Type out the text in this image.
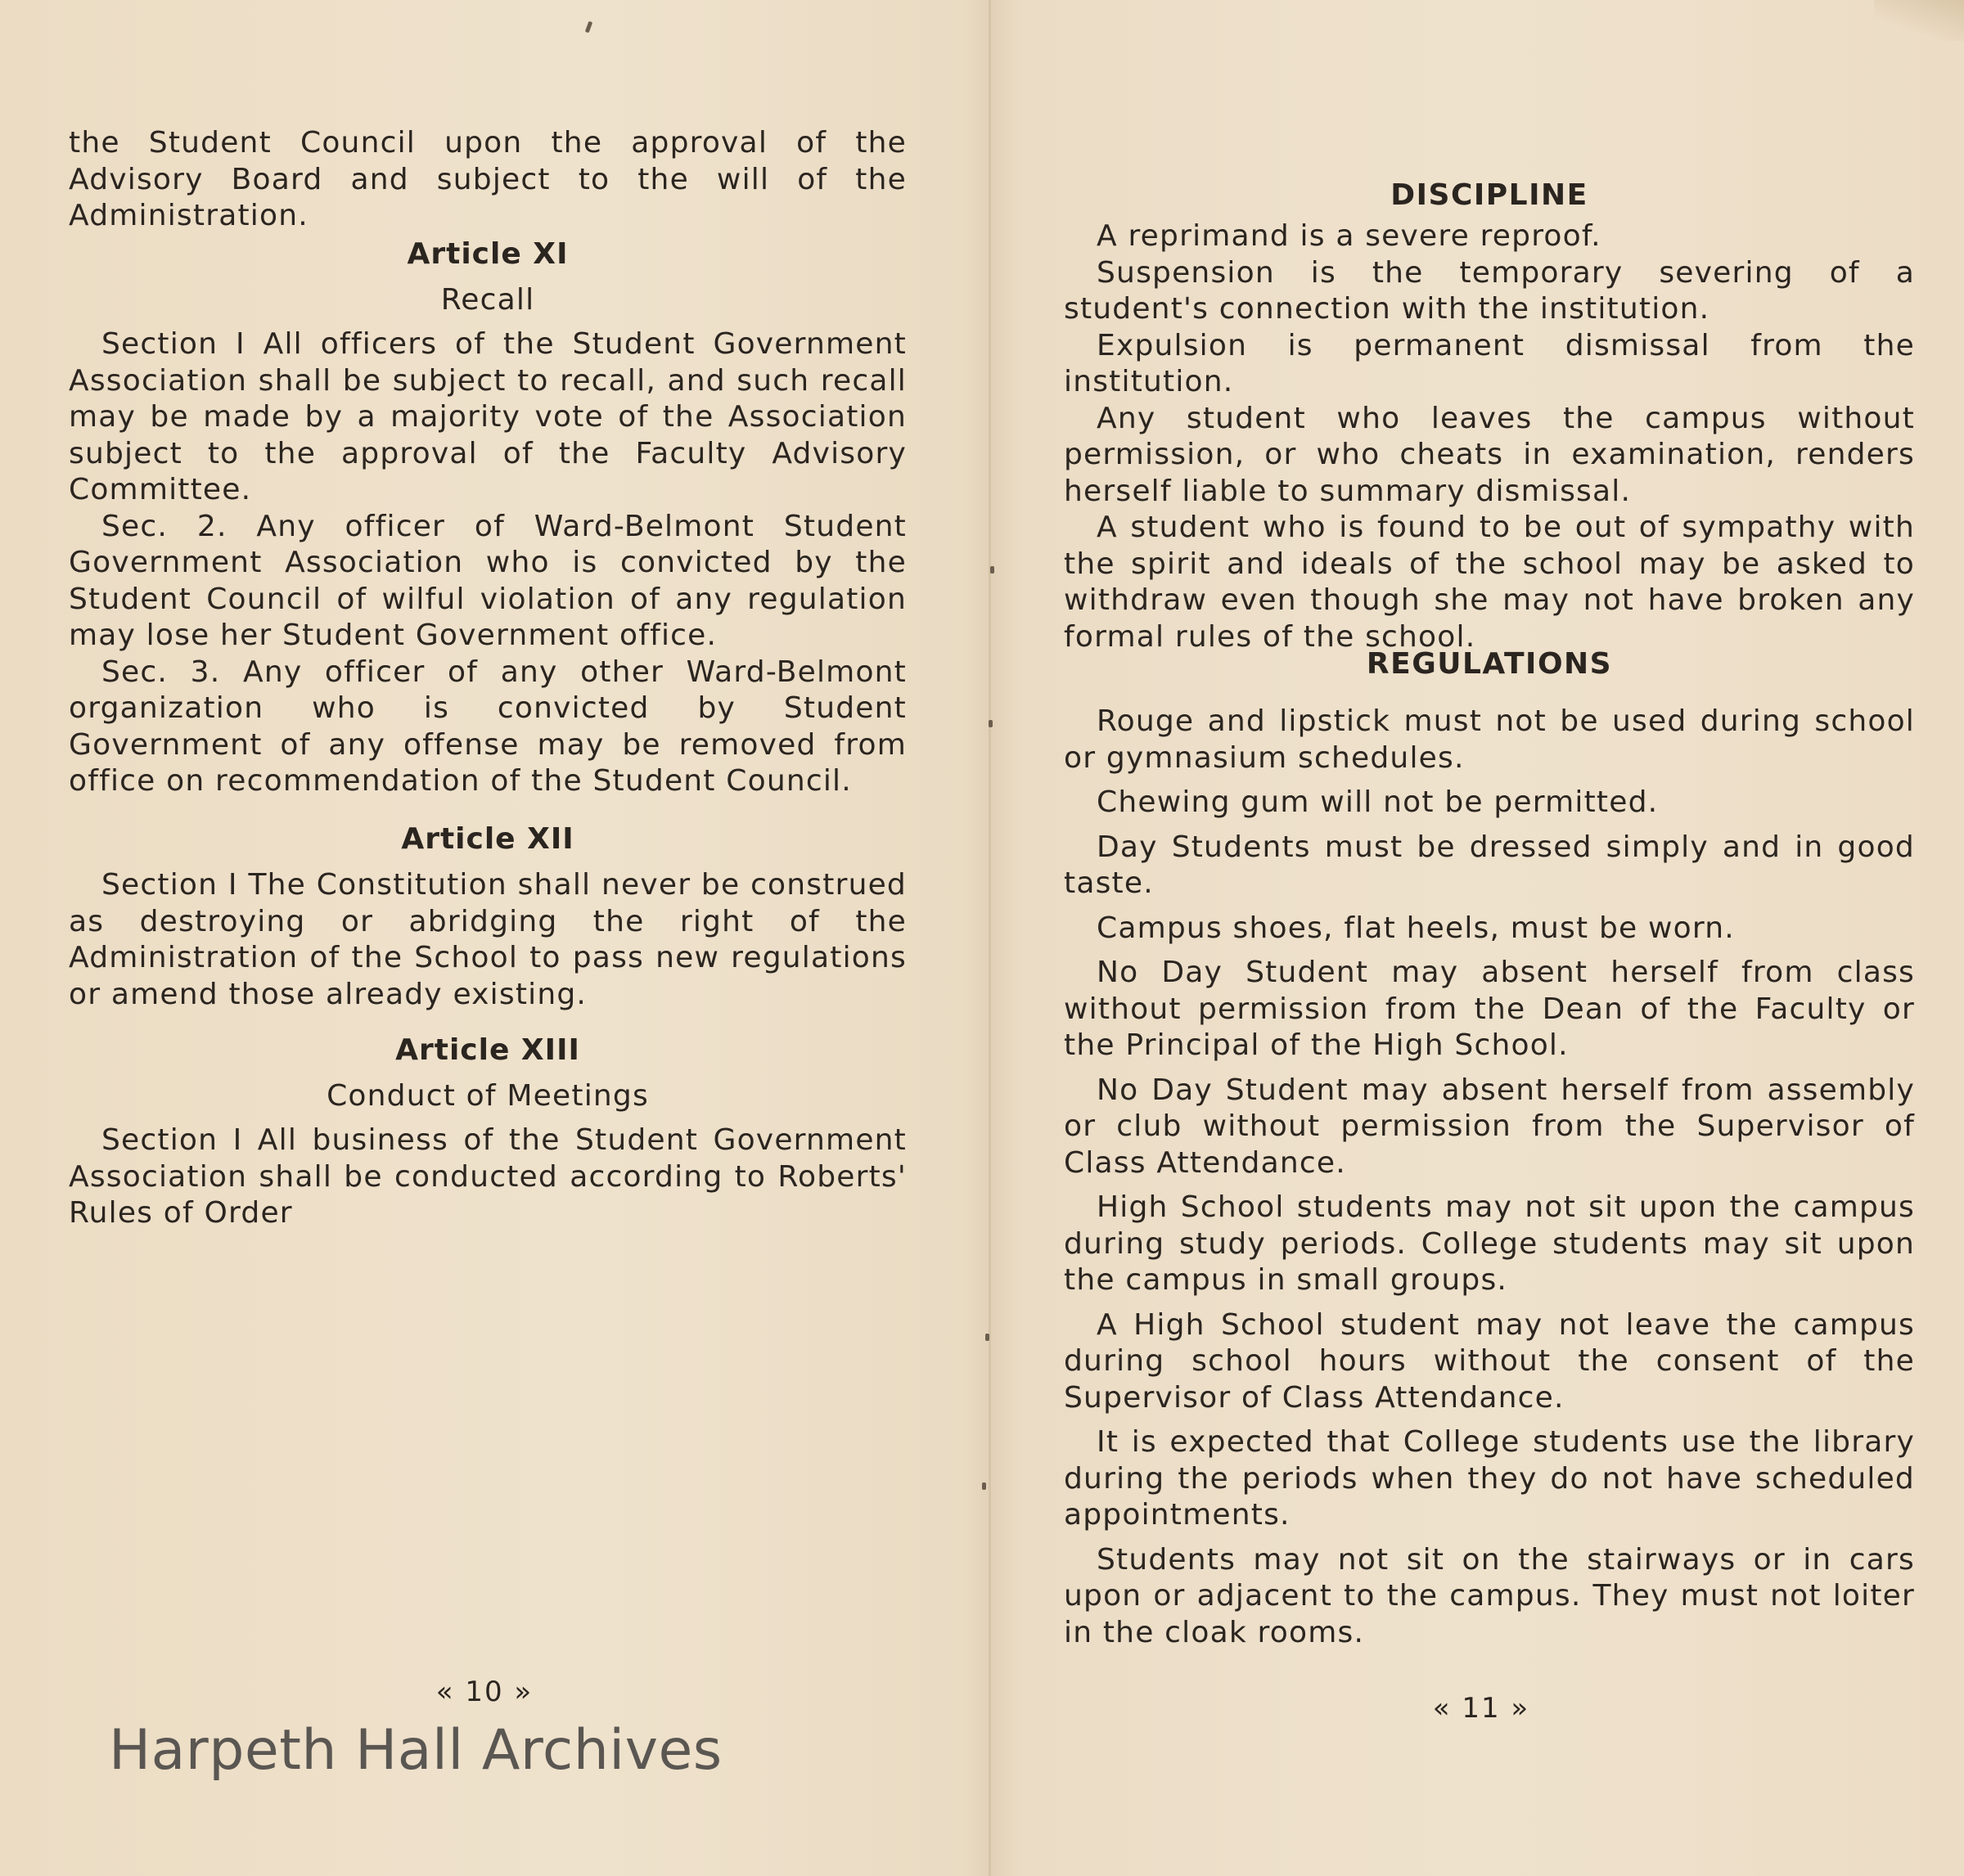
the Student Council upon the approval of the Advisory Board and subject to the will of the Administration.

Article XI

Recall

Section I All officers of the Student Government Association shall be subject to recall, and such recall may be made by a majority vote of the Association subject to the approval of the Faculty Advisory Committee.

Sec. 2. Any officer of Ward-Belmont Student Government Association who is convicted by the Student Council of wilful violation of any regulation may lose her Student Government office.

Sec. 3. Any officer of any other Ward-Belmont organization who is convicted by Student Government of any offense may be removed from office on recommendation of the Student Council.

Article XII

Section I The Constitution shall never be construed as destroying or abridging the right of the Administration of the School to pass new regulations or amend those already existing.

Article XIII

Conduct of Meetings

Section I All business of the Student Government Association shall be conducted according to Roberts' Rules of Order

« 10 »

DISCIPLINE

A reprimand is a severe reproof.

Suspension is the temporary severing of a student's connection with the institution.

Expulsion is permanent dismissal from the institution.

Any student who leaves the campus without permission, or who cheats in examination, renders herself liable to summary dismissal.

A student who is found to be out of sympathy with the spirit and ideals of the school may be asked to withdraw even though she may not have broken any formal rules of the school.

REGULATIONS

Rouge and lipstick must not be used during school or gymnasium schedules.

Chewing gum will not be permitted.

Day Students must be dressed simply and in good taste.

Campus shoes, flat heels, must be worn.

No Day Student may absent herself from class without permission from the Dean of the Faculty or the Principal of the High School.

No Day Student may absent herself from assembly or club without permission from the Supervisor of Class Attendance.

High School students may not sit upon the campus during study periods. College students may sit upon the campus in small groups.

A High School student may not leave the campus during school hours without the consent of the Supervisor of Class Attendance.

It is expected that College students use the library during the periods when they do not have scheduled appointments.

Students may not sit on the stairways or in cars upon or adjacent to the campus. They must not loiter in the cloak rooms.

« 11 »
Harpeth Hall Archives
